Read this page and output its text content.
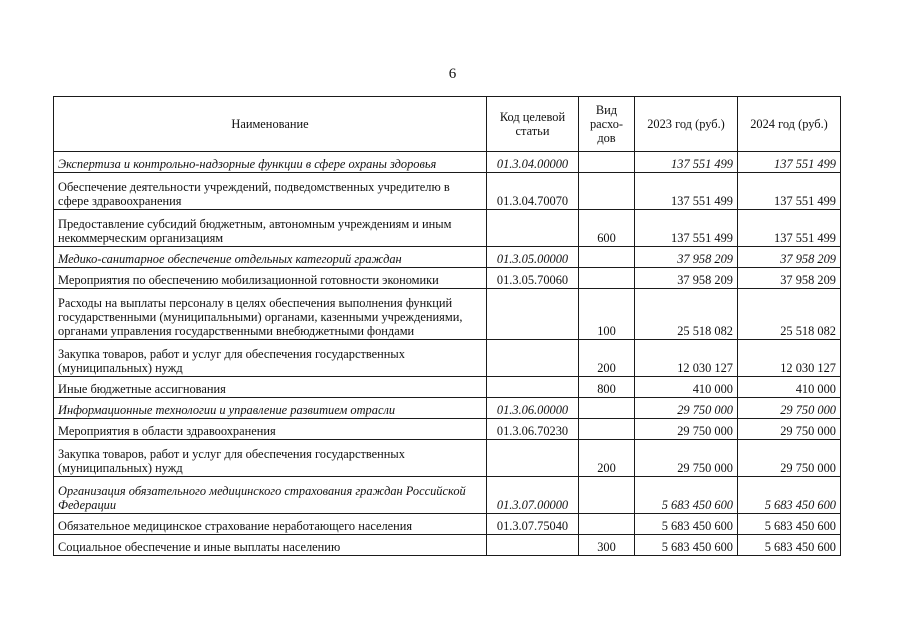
6
Наименование	Код целевой статьи	Вид расхо-дов	2023 год (руб.)	2024 год (руб.)
Экспертиза и контрольно-надзорные функции в сфере охраны здоровья	01.3.04.00000		137 551 499	137 551 499
Обеспечение деятельности учреждений, подведомственных учредителю в сфере здравоохранения	01.3.04.70070		137 551 499	137 551 499
Предоставление субсидий бюджетным, автономным учреждениям и иным некоммерческим организациям		600	137 551 499	137 551 499
Медико-санитарное обеспечение отдельных категорий граждан	01.3.05.00000		37 958 209	37 958 209
Мероприятия по обеспечению мобилизационной готовности экономики	01.3.05.70060		37 958 209	37 958 209
Расходы на выплаты персоналу в целях обеспечения выполнения функций государственными (муниципальными) органами, казенными учреждениями, органами управления государственными внебюджетными фондами		100	25 518 082	25 518 082
Закупка товаров, работ и услуг для обеспечения государственных (муниципальных) нужд		200	12 030 127	12 030 127
Иные бюджетные ассигнования		800	410 000	410 000
Информационные технологии и управление развитием отрасли	01.3.06.00000		29 750 000	29 750 000
Мероприятия в области здравоохранения	01.3.06.70230		29 750 000	29 750 000
Закупка товаров, работ и услуг для обеспечения государственных (муниципальных) нужд		200	29 750 000	29 750 000
Организация обязательного медицинского страхования граждан Российской Федерации	01.3.07.00000		5 683 450 600	5 683 450 600
Обязательное медицинское страхование неработающего населения	01.3.07.75040		5 683 450 600	5 683 450 600
Социальное обеспечение и иные выплаты населению		300	5 683 450 600	5 683 450 600
